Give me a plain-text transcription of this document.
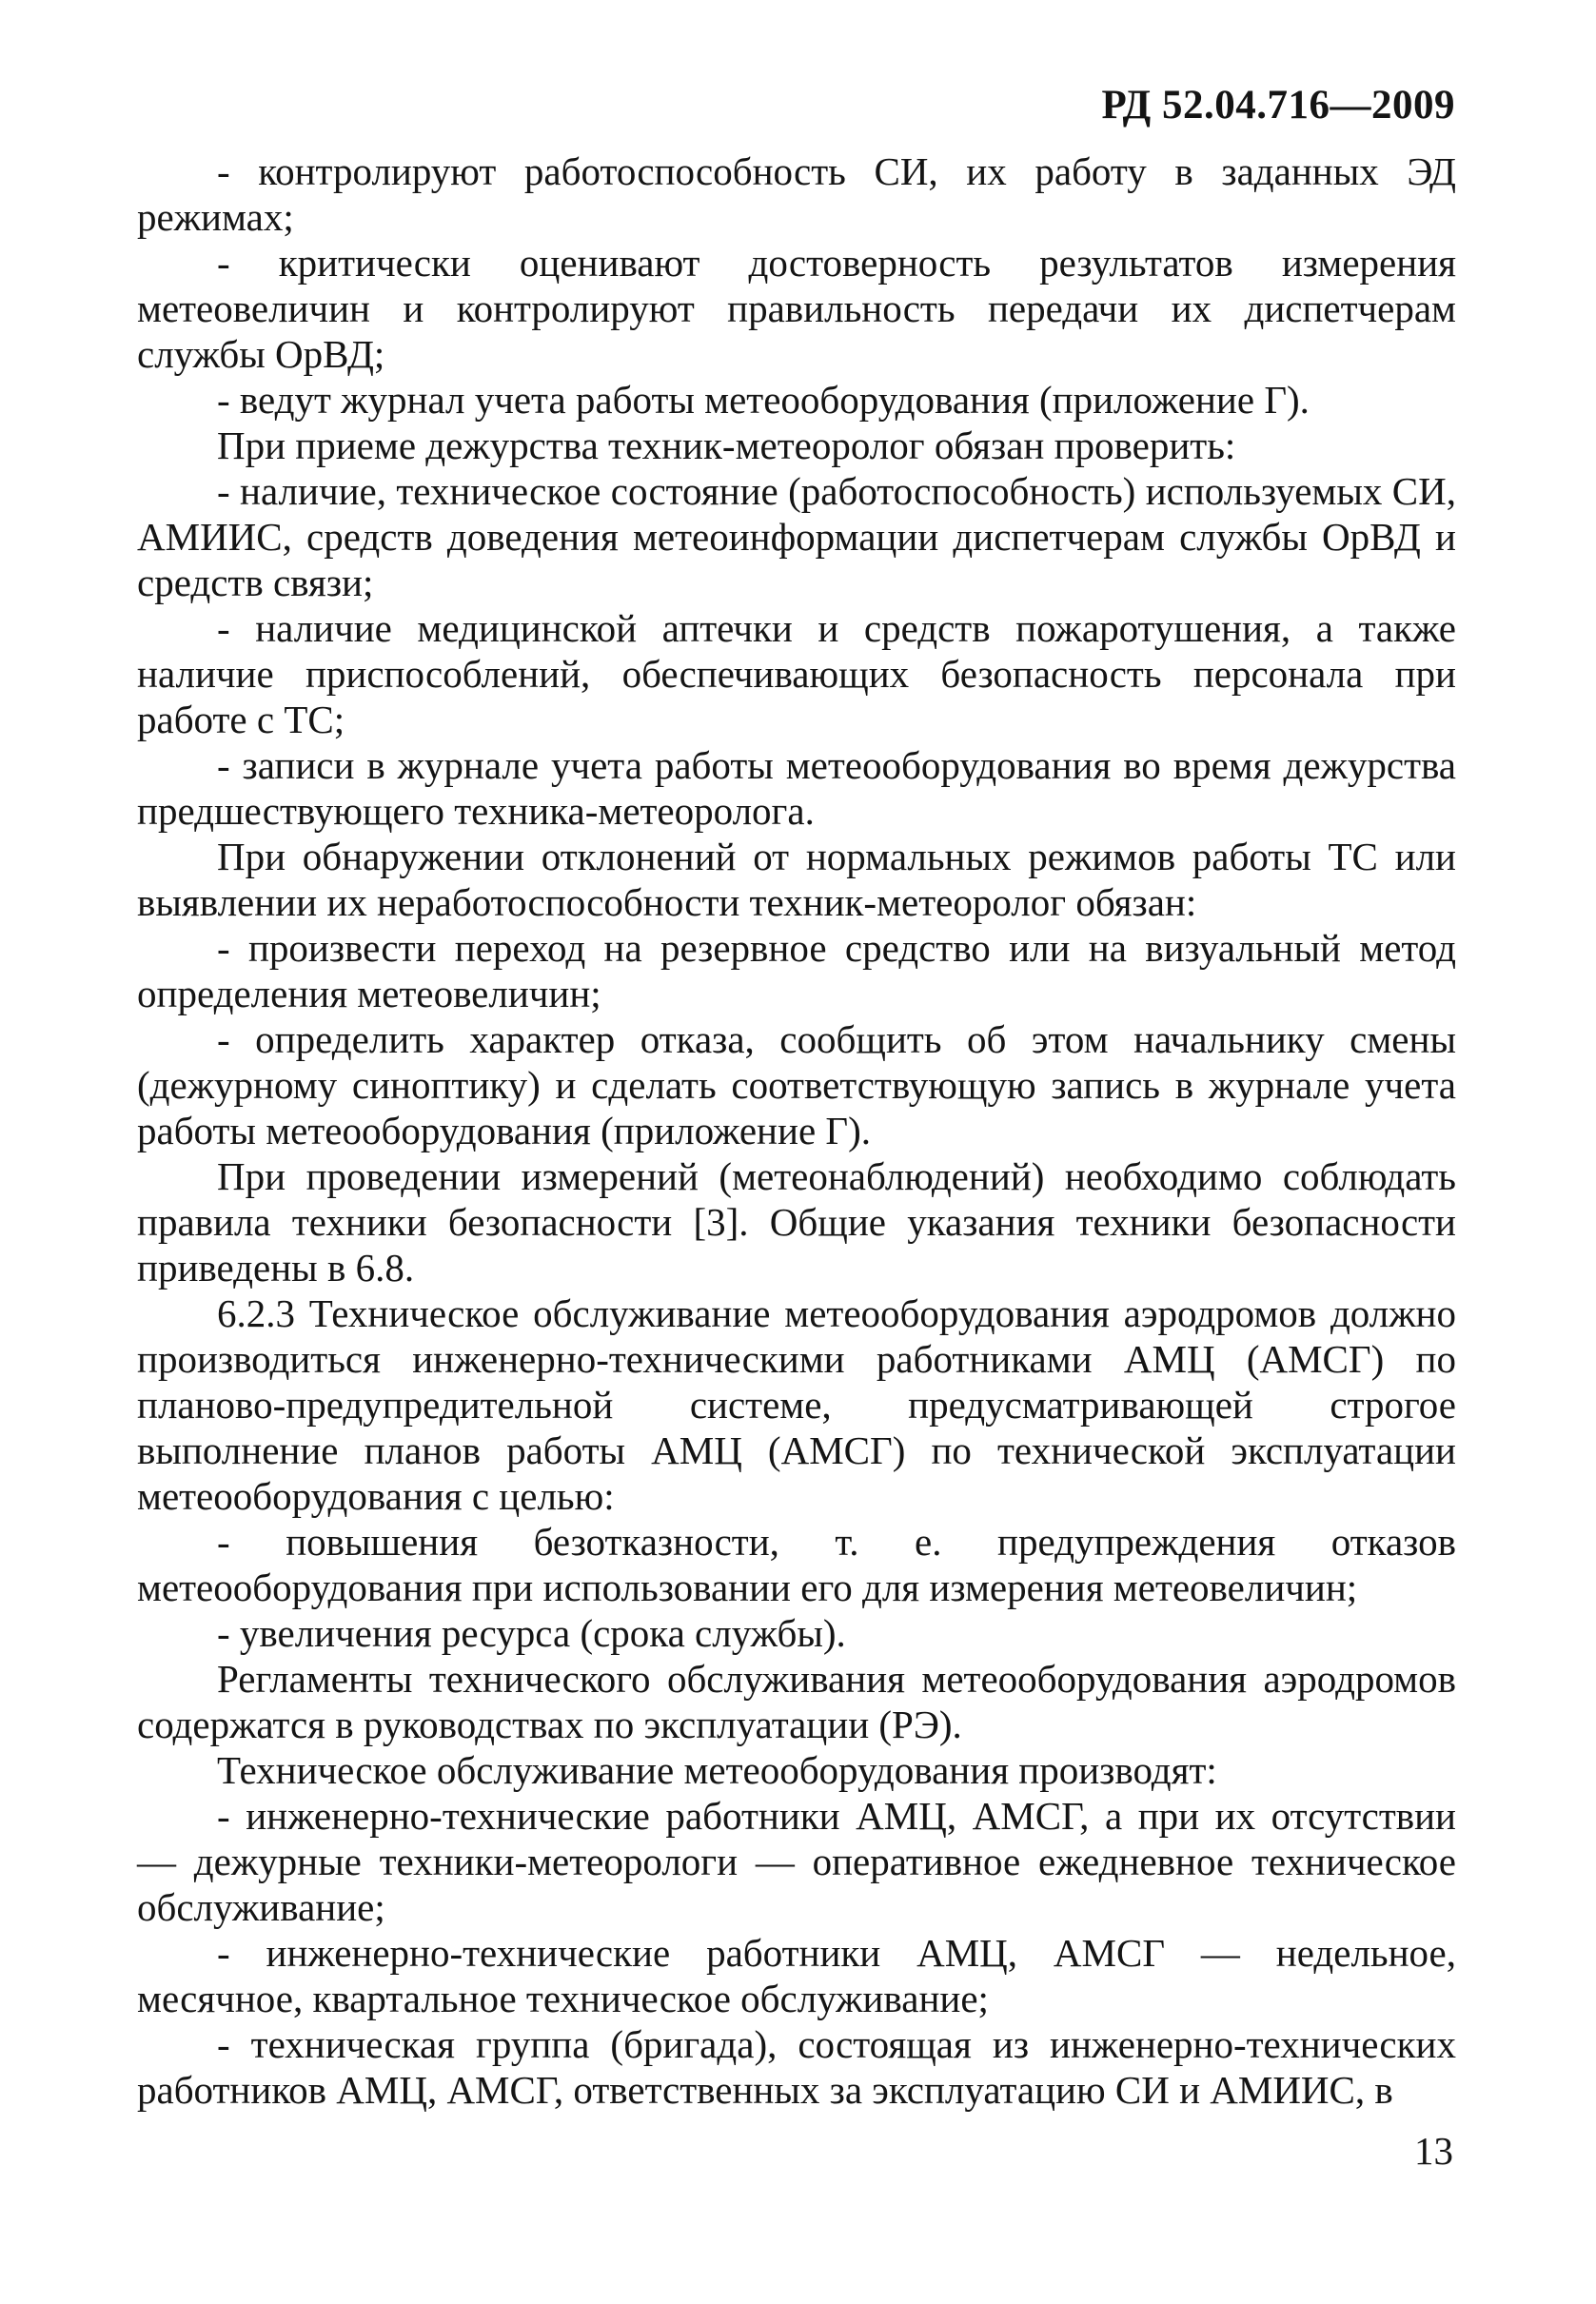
РД 52.04.716—2009

- контролируют работоспособность СИ, их работу в заданных ЭД режимах;

- критически оценивают достоверность результатов измерения метеовеличин и контролируют правильность передачи их диспетчерам службы ОрВД;

- ведут журнал учета работы метеооборудования (приложение Г).

При приеме дежурства техник-метеоролог обязан проверить:

- наличие, техническое состояние (работоспособность) используемых СИ, АМИИС, средств доведения метеоинформации диспетчерам службы ОрВД и средств связи;

- наличие медицинской аптечки и средств пожаротушения, а также наличие приспособлений, обеспечивающих безопасность персонала при работе с ТС;

- записи в журнале учета работы метеооборудования во время дежурства предшествующего техника-метеоролога.

При обнаружении отклонений от нормальных режимов работы ТС или выявлении их неработоспособности техник-метеоролог обязан:

- произвести переход на резервное средство или на визуальный метод определения метеовеличин;

- определить характер отказа, сообщить об этом начальнику смены (дежурному синоптику) и сделать соответствующую запись в журнале учета работы метеооборудования (приложение Г).

При проведении измерений (метеонаблюдений) необходимо соблюдать правила техники безопасности [3]. Общие указания техники безопасности приведены в 6.8.

6.2.3 Техническое обслуживание метеооборудования аэродромов должно производиться инженерно-техническими работниками АМЦ (АМСГ) по планово-предупредительной системе, предусматривающей строгое выполнение планов работы АМЦ (АМСГ) по технической эксплуатации метеооборудования с целью:

- повышения безотказности, т. е. предупреждения отказов метеооборудования при использовании его для измерения метеовеличин;

- увеличения ресурса (срока службы).

Регламенты технического обслуживания метеооборудования аэродромов содержатся в руководствах по эксплуатации (РЭ).

Техническое обслуживание метеооборудования производят:

- инженерно-технические работники АМЦ, АМСГ, а при их отсутствии — дежурные техники-метеорологи — оперативное ежедневное техническое обслуживание;

- инженерно-технические работники АМЦ, АМСГ — недельное, месячное, квартальное техническое обслуживание;

- техническая группа (бригада), состоящая из инженерно-технических работников АМЦ, АМСГ, ответственных за эксплуатацию СИ и АМИИС, в

13
